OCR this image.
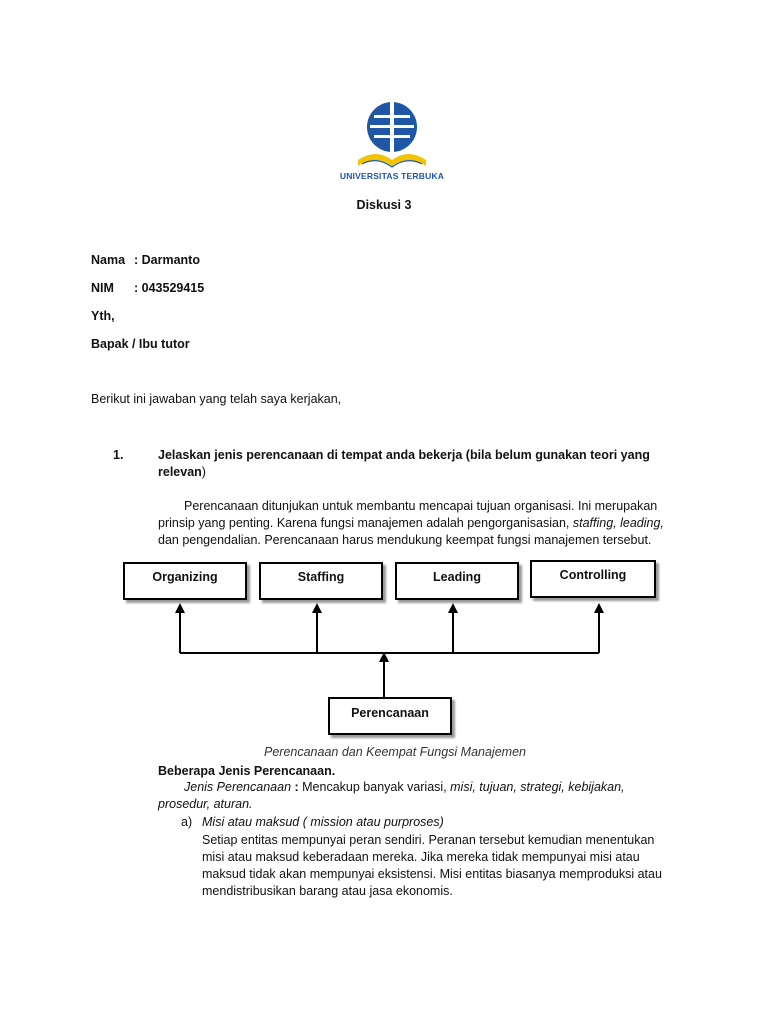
UNIVERSITAS TERBUKA
Diskusi 3
Nama : Darmanto
NIM : 043529415
Yth,
Bapak / Ibu tutor
Berikut ini jawaban yang telah saya kerjakan,
1.	Jelaskan jenis perencanaan di tempat anda bekerja (bila belum gunakan teori yang
relevan)
Perencanaan ditunjukan untuk membantu mencapai tujuan organisasi. Ini merupakan
prinsip yang penting. Karena fungsi manajemen adalah pengorganisasian, staffing, leading,
dan pengendalian. Perencanaan harus mendukung keempat fungsi manajemen tersebut.
Organizing	Staffing	Leading	Controlling
Perencanaan
Perencanaan dan Keempat Fungsi Manajemen
Beberapa Jenis Perencanaan.
Jenis Perencanaan : Mencakup banyak variasi, misi, tujuan, strategi, kebijakan,
prosedur, aturan.
a) Misi atau maksud ( mission atau purproses)
Setiap entitas mempunyai peran sendiri. Peranan tersebut kemudian menentukan
misi atau maksud keberadaan mereka. Jika mereka tidak mempunyai misi atau
maksud tidak akan mempunyai eksistensi. Misi entitas biasanya memproduksi atau
mendistribusikan barang atau jasa ekonomis.
